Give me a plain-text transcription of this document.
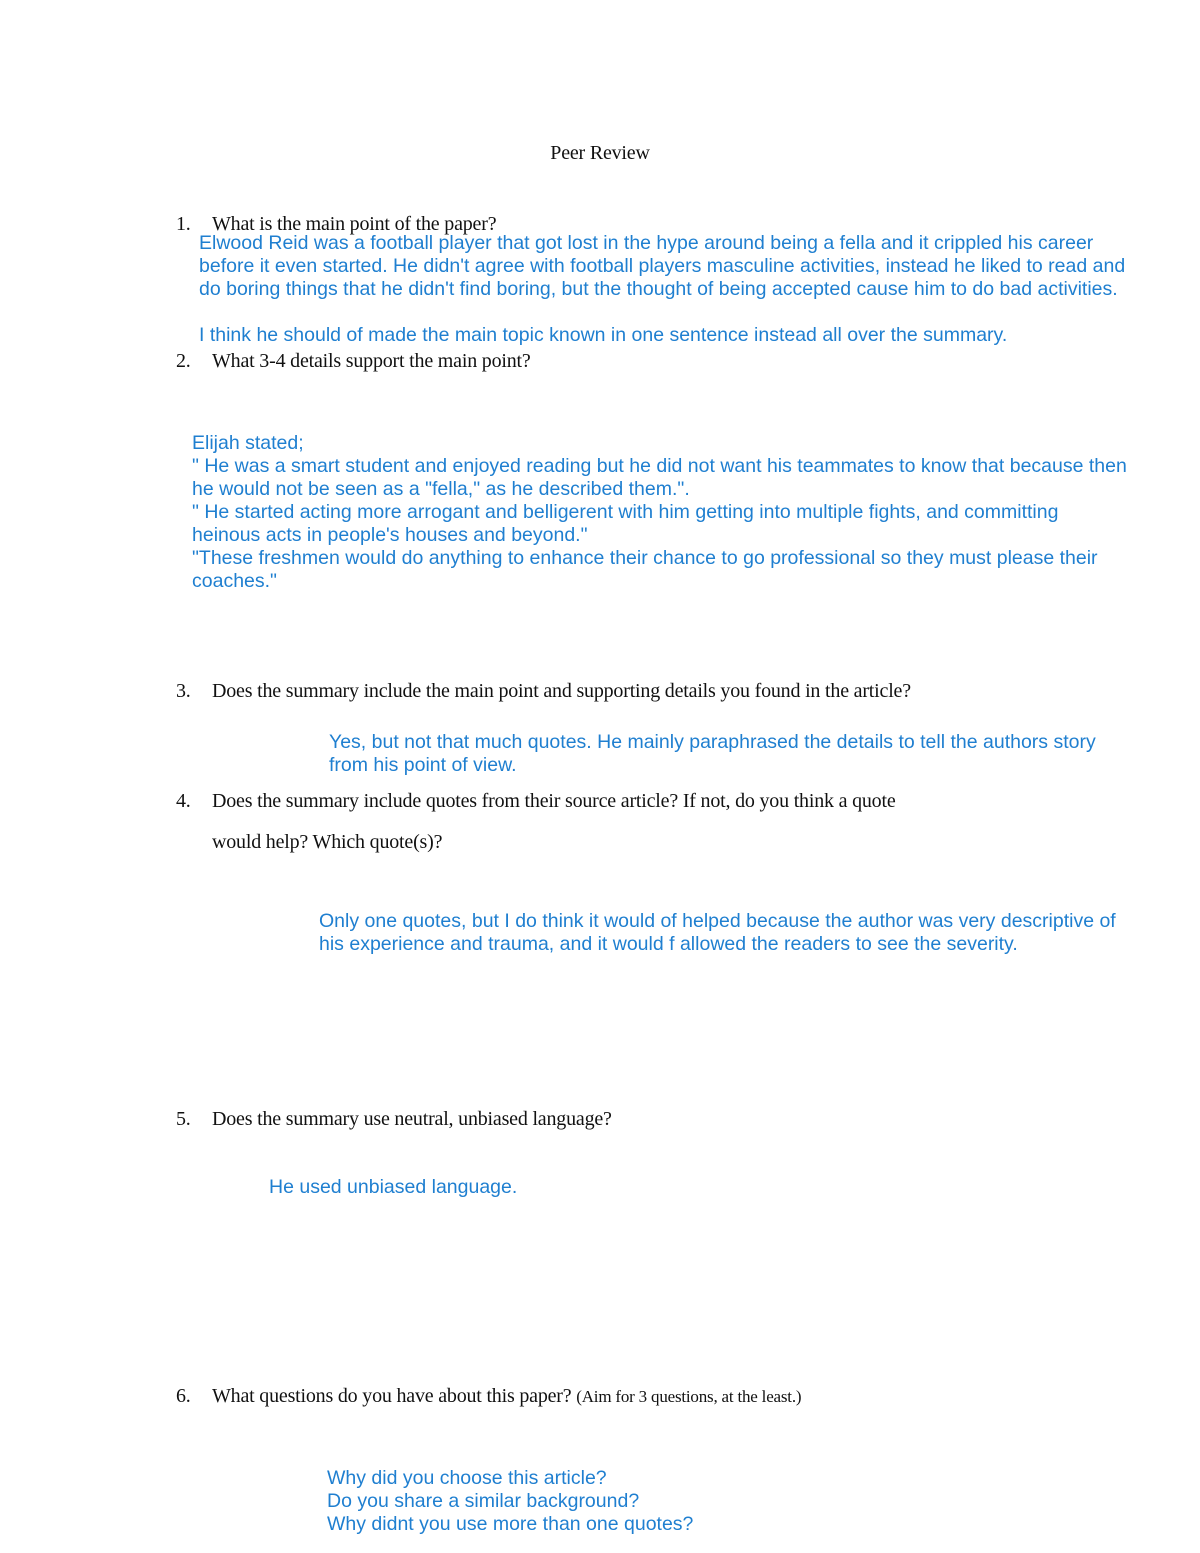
Peer Review
1. What is the main point of the paper?
Elwood Reid was a football player that got lost in the hype around being a fella and it crippled his career
before it even started. He didn't agree with football players masculine activities, instead he liked to read and
do boring things that he didn't find boring, but the thought of being accepted cause him to do bad activities.
I think he should of made the main topic known in one sentence instead all over the summary.
2. What 3-4 details support the main point?
Elijah stated;
" He was a smart student and enjoyed reading but he did not want his teammates to know that because then
he would not be seen as a "fella," as he described them.".
" He started acting more arrogant and belligerent with him getting into multiple fights, and committing
heinous acts in people's houses and beyond."
"These freshmen would do anything to enhance their chance to go professional so they must please their
coaches."
3. Does the summary include the main point and supporting details you found in the article?
Yes, but not that much quotes. He mainly paraphrased the details to tell the authors story
from his point of view.
4. Does the summary include quotes from their source article? If not, do you think a quote
would help? Which quote(s)?
Only one quotes, but I do think it would of helped because the author was very descriptive of
his experience and trauma, and it would f allowed the readers to see the severity.
5. Does the summary use neutral, unbiased language?
He used unbiased language.
6. What questions do you have about this paper? (Aim for 3 questions, at the least.)
Why did you choose this article?
Do you share a similar background?
Why didnt you use more than one quotes?
